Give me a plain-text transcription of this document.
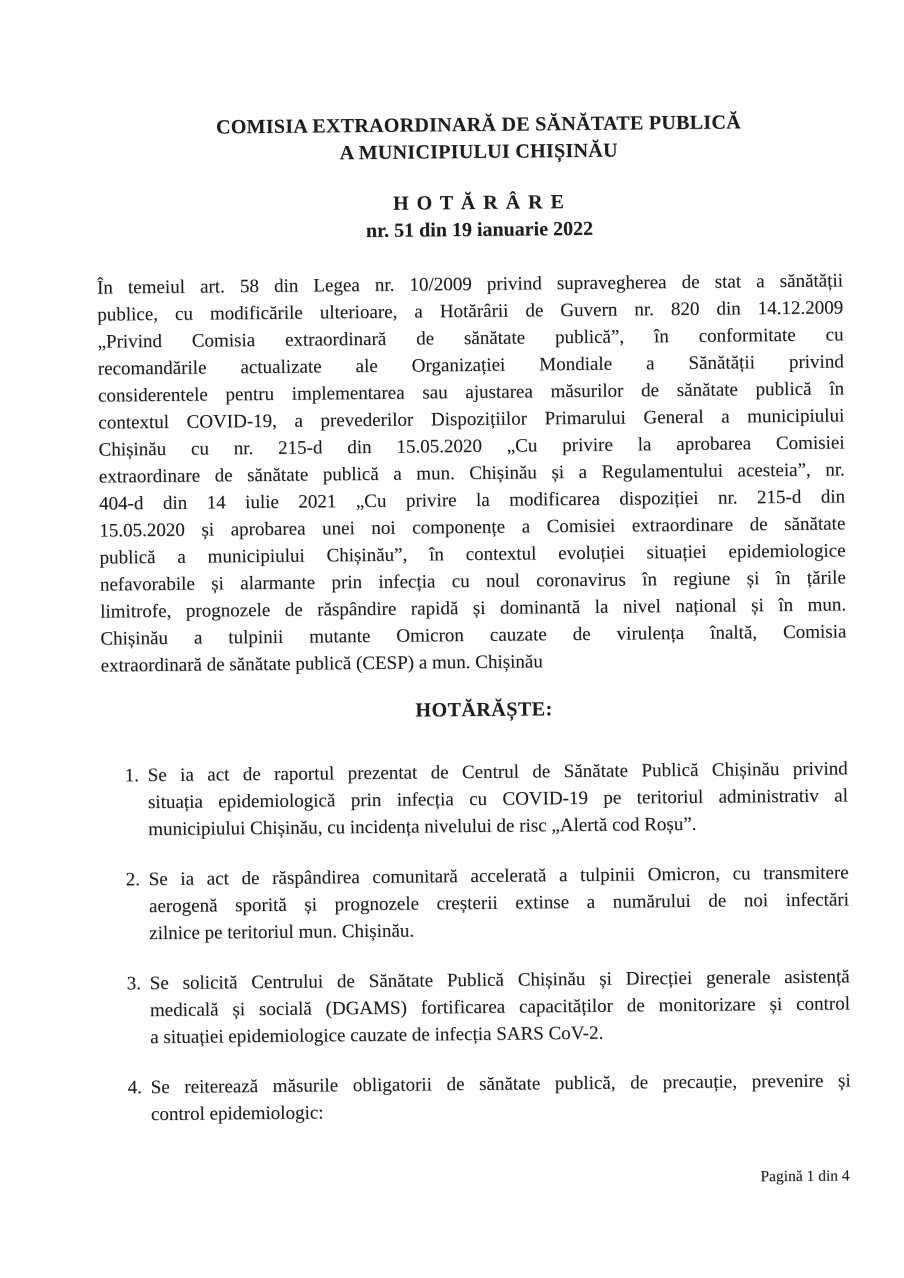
COMISIA EXTRAORDINARĂ DE SĂNĂTATE PUBLICĂ
A MUNICIPIULUI CHIȘINĂU
H O T Ă R Â R E
nr. 51 din 19 ianuarie 2022
În temeiul art. 58 din Legea nr. 10/2009 privind supravegherea de stat a sănătății
publice, cu modificările ulterioare, a Hotărârii de Guvern nr. 820 din 14.12.2009
„Privind Comisia extraordinară de sănătate publică”, în conformitate cu
recomandările actualizate ale Organizației Mondiale a Sănătății privind
considerentele pentru implementarea sau ajustarea măsurilor de sănătate publică în
contextul COVID-19, a prevederilor Dispozițiilor Primarului General a municipiului
Chișinău cu nr. 215-d din 15.05.2020 „Cu privire la aprobarea Comisiei
extraordinare de sănătate publică a mun. Chișinău și a Regulamentului acesteia”, nr.
404-d din 14 iulie 2021 „Cu privire la modificarea dispoziției nr. 215-d din
15.05.2020 și aprobarea unei noi componențe a Comisiei extraordinare de sănătate
publică a municipiului Chișinău”, în contextul evoluției situației epidemiologice
nefavorabile și alarmante prin infecția cu noul coronavirus în regiune și în țările
limitrofe, prognozele de răspândire rapidă și dominantă la nivel național și în mun.
Chișinău a tulpinii mutante Omicron cauzate de virulența înaltă, Comisia
extraordinară de sănătate publică (CESP) a mun. Chișinău
HOTĂRĂȘTE:
1. Se ia act de raportul prezentat de Centrul de Sănătate Publică Chișinău privind
situația epidemiologică prin infecția cu COVID-19 pe teritoriul administrativ al
municipiului Chișinău, cu incidența nivelului de risc „Alertă cod Roșu”.
2. Se ia act de răspândirea comunitară accelerată a tulpinii Omicron, cu transmitere
aerogenă sporită și prognozele creșterii extinse a numărului de noi infectări
zilnice pe teritoriul mun. Chișinău.
3. Se solicită Centrului de Sănătate Publică Chișinău și Direcției generale asistență
medicală și socială (DGAMS) fortificarea capacităților de monitorizare și control
a situației epidemiologice cauzate de infecția SARS CoV-2.
4. Se reiterează măsurile obligatorii de sănătate publică, de precauție, prevenire și
control epidemiologic:
Pagină 1 din 4
